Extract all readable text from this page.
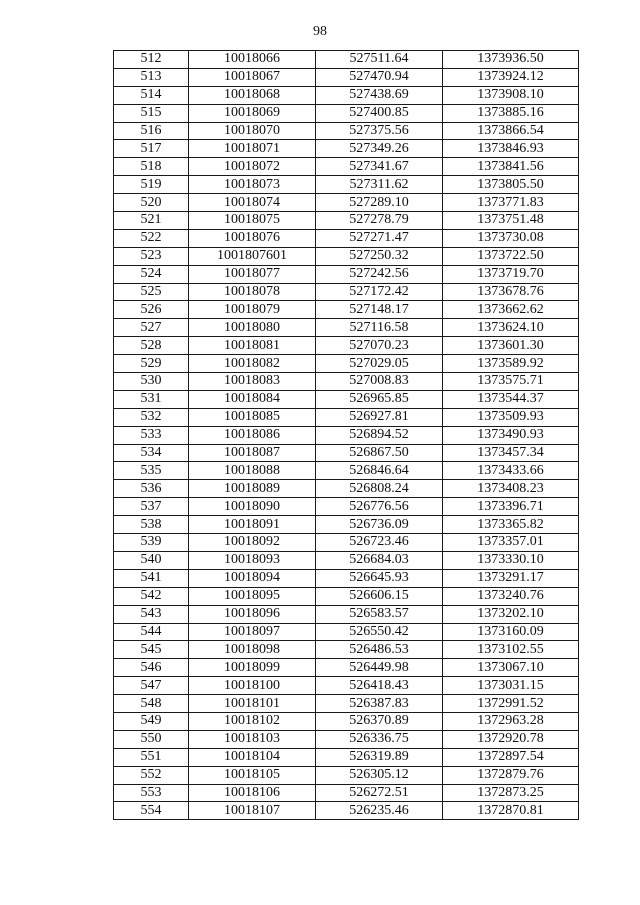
98
512	10018066	527511.64	1373936.50
513	10018067	527470.94	1373924.12
514	10018068	527438.69	1373908.10
515	10018069	527400.85	1373885.16
516	10018070	527375.56	1373866.54
517	10018071	527349.26	1373846.93
518	10018072	527341.67	1373841.56
519	10018073	527311.62	1373805.50
520	10018074	527289.10	1373771.83
521	10018075	527278.79	1373751.48
522	10018076	527271.47	1373730.08
523	1001807601	527250.32	1373722.50
524	10018077	527242.56	1373719.70
525	10018078	527172.42	1373678.76
526	10018079	527148.17	1373662.62
527	10018080	527116.58	1373624.10
528	10018081	527070.23	1373601.30
529	10018082	527029.05	1373589.92
530	10018083	527008.83	1373575.71
531	10018084	526965.85	1373544.37
532	10018085	526927.81	1373509.93
533	10018086	526894.52	1373490.93
534	10018087	526867.50	1373457.34
535	10018088	526846.64	1373433.66
536	10018089	526808.24	1373408.23
537	10018090	526776.56	1373396.71
538	10018091	526736.09	1373365.82
539	10018092	526723.46	1373357.01
540	10018093	526684.03	1373330.10
541	10018094	526645.93	1373291.17
542	10018095	526606.15	1373240.76
543	10018096	526583.57	1373202.10
544	10018097	526550.42	1373160.09
545	10018098	526486.53	1373102.55
546	10018099	526449.98	1373067.10
547	10018100	526418.43	1373031.15
548	10018101	526387.83	1372991.52
549	10018102	526370.89	1372963.28
550	10018103	526336.75	1372920.78
551	10018104	526319.89	1372897.54
552	10018105	526305.12	1372879.76
553	10018106	526272.51	1372873.25
554	10018107	526235.46	1372870.81
